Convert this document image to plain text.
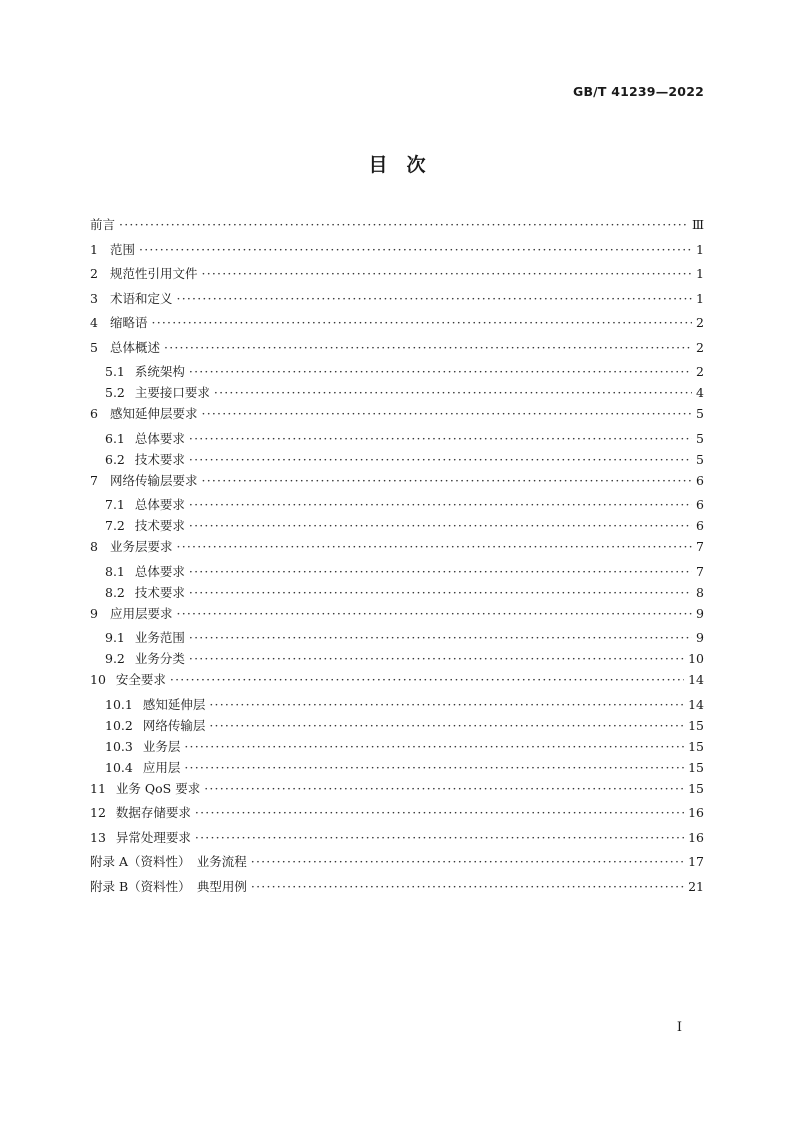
GB/T 41239—2022
目　次
前言 ·····	Ⅲ
1 范围 ·····	1
2 规范性引用文件 ·····	1
3 术语和定义 ·····	1
4 缩略语 ·····	2
5 总体概述 ·····	2
5.1 系统架构 ·····	2
5.2 主要接口要求 ·····	4
6 感知延伸层要求 ·····	5
6.1 总体要求 ·····	5
6.2 技术要求 ·····	5
7 网络传输层要求 ·····	6
7.1 总体要求 ·····	6
7.2 技术要求 ·····	6
8 业务层要求 ·····	7
8.1 总体要求 ·····	7
8.2 技术要求 ·····	8
9 应用层要求 ·····	9
9.1 业务范围 ·····	9
9.2 业务分类 ·····	10
10 安全要求 ·····	14
10.1 感知延伸层 ·····	14
10.2 网络传输层 ·····	15
10.3 业务层 ·····	15
10.4 应用层 ·····	15
11 业务 QoS 要求 ·····	15
12 数据存储要求 ·····	16
13 异常处理要求 ·····	16
附录 A（资料性）　业务流程 ·····	17
附录 B（资料性）　典型用例 ·····	21
I
